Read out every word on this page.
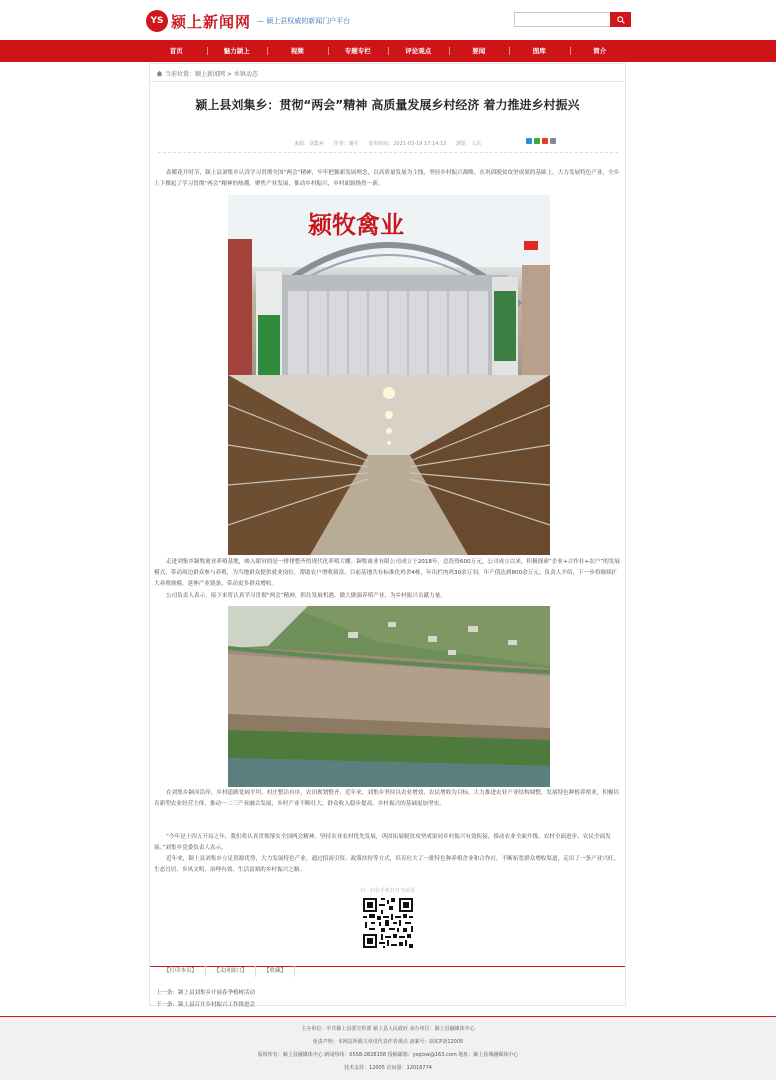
YS 颍上新闻网 — 颍上县权威的新闻门户平台
首页	魅力颍上	视频	专题专栏	评论观点	要闻	图库	简介
当前位置：颍上新闻网 > 乡镇动态
颍上县刘集乡：贯彻“两会”精神 高质量发展乡村经济 着力推进乡村振兴
来源：刘集乡 作者：谢军 发布时间：2021-03-19 17:14:13 浏览：人次

春暖花开时节，颍上县刘集乡认真学习贯彻全国“两会”精神，牢牢把握新发展理念，以高质量发展为主线，坚持乡村振兴战略，在巩固脱贫攻坚成果的基础上，大力发展特色产业，全乡上下掀起了学习贯彻“两会”精神的热潮，聚焦产业发展，推动乡村振兴，乡村面貌焕然一新。

颍牧禽业

走进刘集乡颍牧禽业养殖基地，映入眼帘的是一排排整齐的现代化养殖大棚。颍牧禽业有限公司成立于2018年，总投资600万元，公司成立以来，积极探索“企业+合作社+农户”的发展模式，带动周边群众参与养殖，为当地群众提供就业岗位，帮助农户增收致富。目前基地共有标准化鸡舍4栋，年出栏肉鸡30余万羽，年产值达到800余万元。负责人介绍，下一步将继续扩大养殖规模，延伸产业链条，带动更多群众增收。

公司负责人表示，接下来将认真学习贯彻“两会”精神，抓住发展机遇，做大做强养殖产业，为乡村振兴贡献力量。

在刘集乡颍河沿岸，乡村道路宽阔平坦，村庄整洁有序，农田规划整齐。近年来，刘集乡坚持以农业增效、农民增收为目标，大力推进农业产业结构调整，发展特色种植养殖业，积极培育新型农业经营主体，推动一二三产业融合发展，乡村产业不断壮大，群众收入稳步提高，乡村振兴的基础更加坚实。

“今年是十四五开局之年，我们将认真贯彻落实全国两会精神，坚持农业农村优先发展，巩固拓展脱贫攻坚成果同乡村振兴有效衔接，推动农业全面升级、农村全面进步、农民全面发展。”刘集乡党委负责人表示。

近年来，颍上县刘集乡立足资源优势，大力发展特色产业，通过招商引资、政策扶持等方式，培育壮大了一批特色种养殖企业和合作社，不断拓宽群众增收渠道，走出了一条产业兴旺、生态宜居、乡风文明、治理有效、生活富裕的乡村振兴之路。

扫一扫在手机打开当前页
【打印本页】	【关闭窗口】	【收藏】
上一条：颍上县刘集乡开展春季植树活动
下一条：颍上县召开乡村振兴工作推进会
主办单位：中共颍上县委宣传部 颍上县人民政府 承办单位：颍上县融媒体中心
免责声明：本网站所载文章仅代表作者观点 备案号：皖ICP备12005
版权所有：颍上县融媒体中心 新闻热线：0558-2828158 投稿邮箱：ysqlxw@163.com 地址：颍上县城融媒体中心
技术支持：12005 访问量：12016774
